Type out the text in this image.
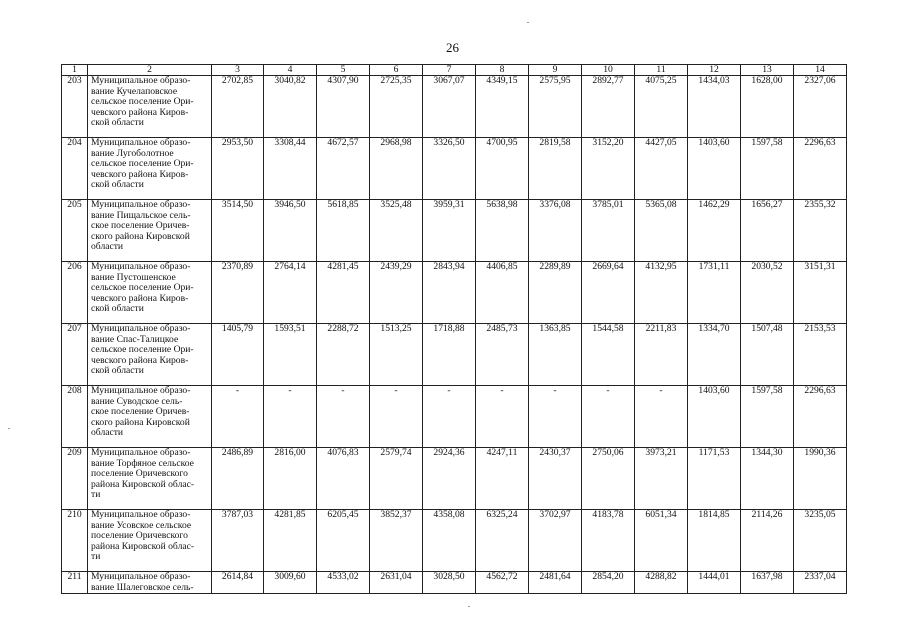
26
1	2	3	4	5	6	7	8	9	10	11	12	13	14
203	Муниципальное образо-
вание Кучелаповское
сельское поселение Ори-
чевского района Киров-
ской области	2702,85	3040,82	4307,90	2725,35	3067,07	4349,15	2575,95	2892,77	4075,25	1434,03	1628,00	2327,06
204	Муниципальное образо-
вание Лугоболотное
сельское поселение Ори-
чевского района Киров-
ской области	2953,50	3308,44	4672,57	2968,98	3326,50	4700,95	2819,58	3152,20	4427,05	1403,60	1597,58	2296,63
205	Муниципальное образо-
вание Пищальское сель-
ское поселение Оричев-
ского района Кировской
области	3514,50	3946,50	5618,85	3525,48	3959,31	5638,98	3376,08	3785,01	5365,08	1462,29	1656,27	2355,32
206	Муниципальное образо-
вание Пустошенское
сельское поселение Ори-
чевского района Киров-
ской области	2370,89	2764,14	4281,45	2439,29	2843,94	4406,85	2289,89	2669,64	4132,95	1731,11	2030,52	3151,31
207	Муниципальное образо-
вание Спас-Талицкое
сельское поселение Ори-
чевского района Киров-
ской области	1405,79	1593,51	2288,72	1513,25	1718,88	2485,73	1363,85	1544,58	2211,83	1334,70	1507,48	2153,53
208	Муниципальное образо-
вание Суводское сель-
ское поселение Оричев-
ского района Кировской
области	-	-	-	-	-	-	-	-	-	1403,60	1597,58	2296,63
209	Муниципальное образо-
вание Торфяное сельское
поселение Оричевского
района Кировской облас-
ти	2486,89	2816,00	4076,83	2579,74	2924,36	4247,11	2430,37	2750,06	3973,21	1171,53	1344,30	1990,36
210	Муниципальное образо-
вание Усовское сельское
поселение Оричевского
района Кировской облас-
ти	3787,03	4281,85	6205,45	3852,37	4358,08	6325,24	3702,97	4183,78	6051,34	1814,85	2114,26	3235,05
211	Муниципальное образо-
вание Шалеговское сель-	2614,84	3009,60	4533,02	2631,04	3028,50	4562,72	2481,64	2854,20	4288,82	1444,01	1637,98	2337,04
